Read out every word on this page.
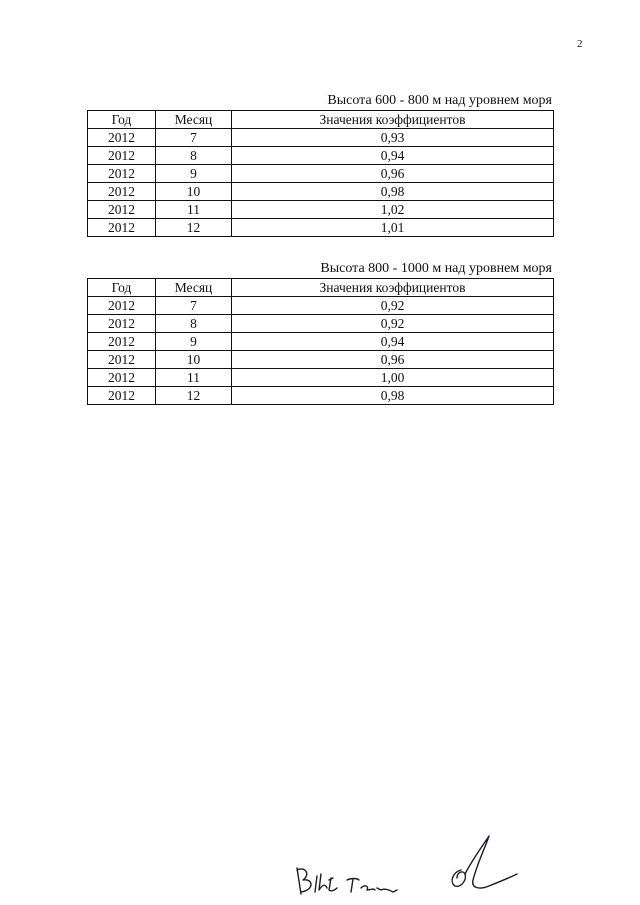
2
Высота 600 - 800 м над уровнем моря
Год	Месяц	Значения коэффициентов
2012	7	0,93
2012	8	0,94
2012	9	0,96
2012	10	0,98
2012	11	1,02
2012	12	1,01
Высота 800 - 1000 м над уровнем моря
Год	Месяц	Значения коэффициентов
2012	7	0,92
2012	8	0,92
2012	9	0,94
2012	10	0,96
2012	11	1,00
2012	12	0,98
